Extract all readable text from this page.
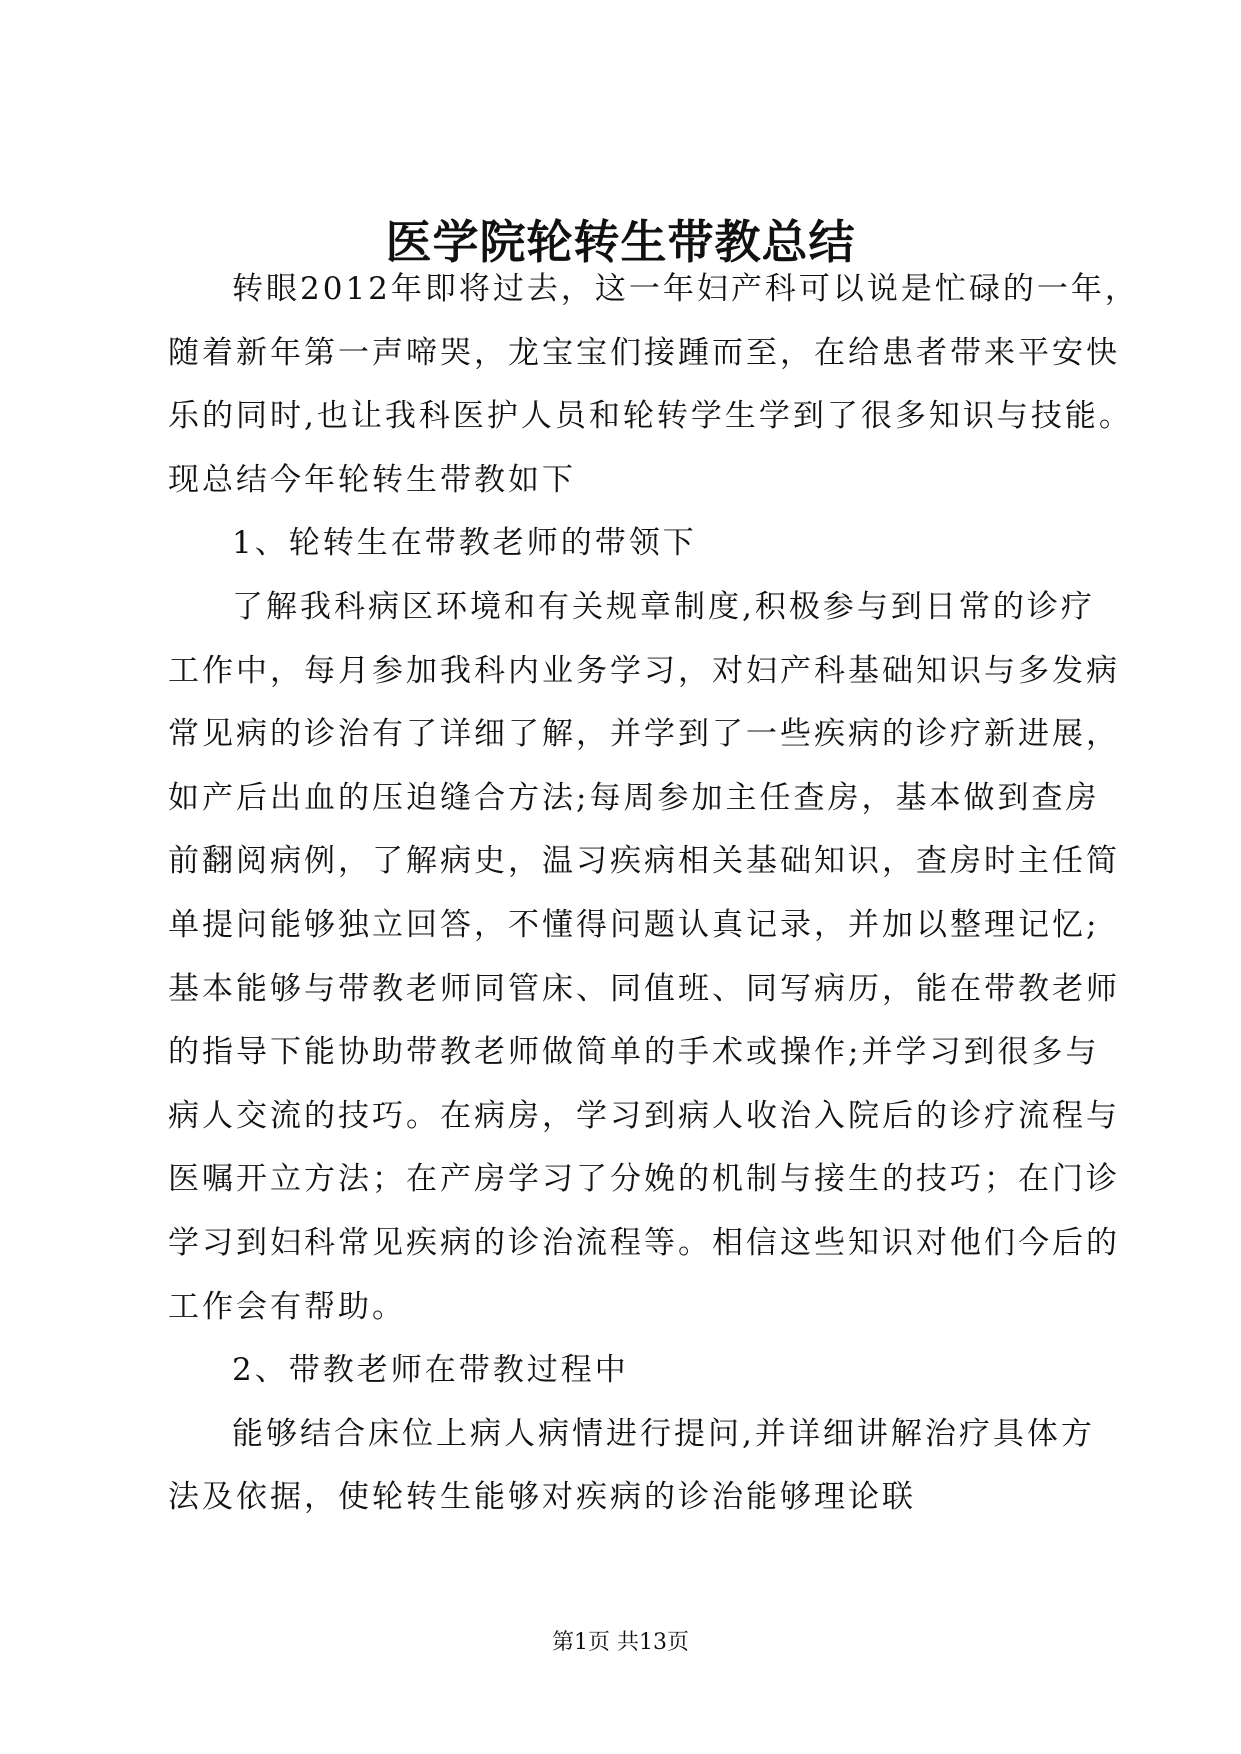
医学院轮转生带教总结
转眼2012年即将过去，这一年妇产科可以说是忙碌的一年，
随着新年第一声啼哭，龙宝宝们接踵而至，在给患者带来平安快
乐的同时,也让我科医护人员和轮转学生学到了很多知识与技能。
现总结今年轮转生带教如下
1、轮转生在带教老师的带领下
了解我科病区环境和有关规章制度,积极参与到日常的诊疗
工作中，每月参加我科内业务学习，对妇产科基础知识与多发病
常见病的诊治有了详细了解，并学到了一些疾病的诊疗新进展，
如产后出血的压迫缝合方法;每周参加主任查房，基本做到查房
前翻阅病例，了解病史，温习疾病相关基础知识，查房时主任简
单提问能够独立回答，不懂得问题认真记录，并加以整理记忆;
基本能够与带教老师同管床、同值班、同写病历，能在带教老师
的指导下能协助带教老师做简单的手术或操作;并学习到很多与
病人交流的技巧。在病房，学习到病人收治入院后的诊疗流程与
医嘱开立方法；在产房学习了分娩的机制与接生的技巧；在门诊
学习到妇科常见疾病的诊治流程等。相信这些知识对他们今后的
工作会有帮助。
2、带教老师在带教过程中
能够结合床位上病人病情进行提问,并详细讲解治疗具体方
法及依据，使轮转生能够对疾病的诊治能够理论联
第1页 共13页
